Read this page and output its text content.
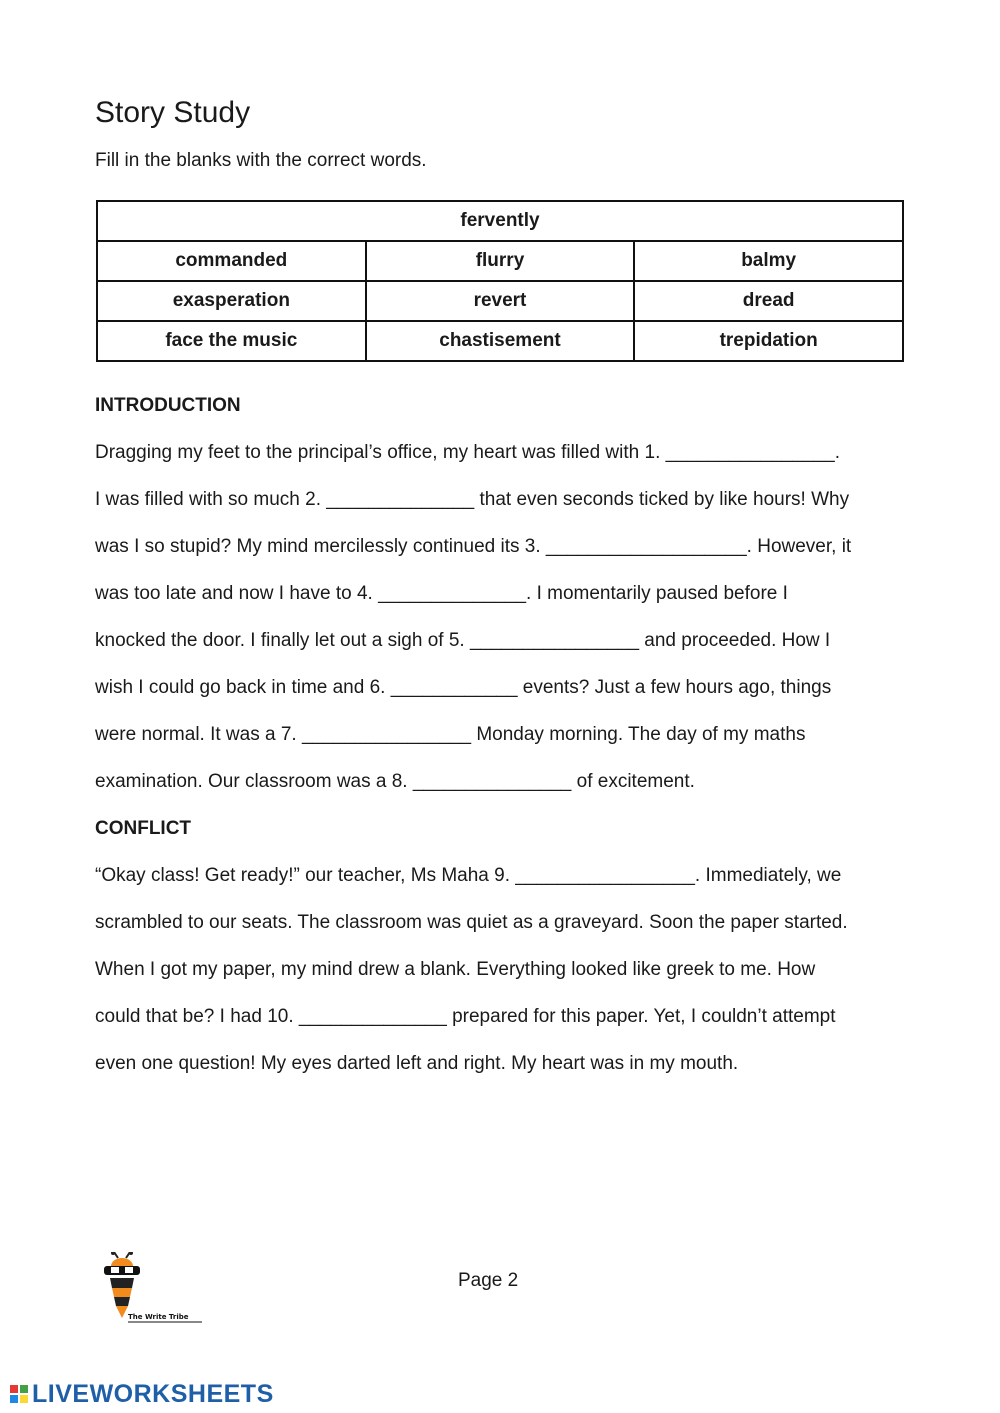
Story Study
Fill in the blanks with the correct words.
fervently		
commanded	flurry	balmy
exasperation	revert	dread
face the music	chastisement	trepidation
INTRODUCTION
Dragging my feet to the principal’s office, my heart was filled with 1. ________________.
I was filled with so much 2. ______________ that even seconds ticked by like hours! Why
was I so stupid? My mind mercilessly continued its 3. ___________________. However, it
was too late and now I have to 4. ______________. I momentarily paused before I
knocked the door. I finally let out a sigh of 5. ________________ and proceeded. How I
wish I could go back in time and 6. ____________ events? Just a few hours ago, things
were normal. It was a 7. ________________ Monday morning. The day of my maths
examination. Our classroom was a 8. _______________ of excitement.
CONFLICT
“Okay class! Get ready!” our teacher, Ms Maha 9. _________________. Immediately, we
scrambled to our seats. The classroom was quiet as a graveyard. Soon the paper started.
When I got my paper, my mind drew a blank. Everything looked like greek to me. How
could that be? I had 10. ______________ prepared for this paper. Yet, I couldn’t attempt
even one question! My eyes darted left and right. My heart was in my mouth.
The Write Tribe
Page 2
LIVEWORKSHEETS
